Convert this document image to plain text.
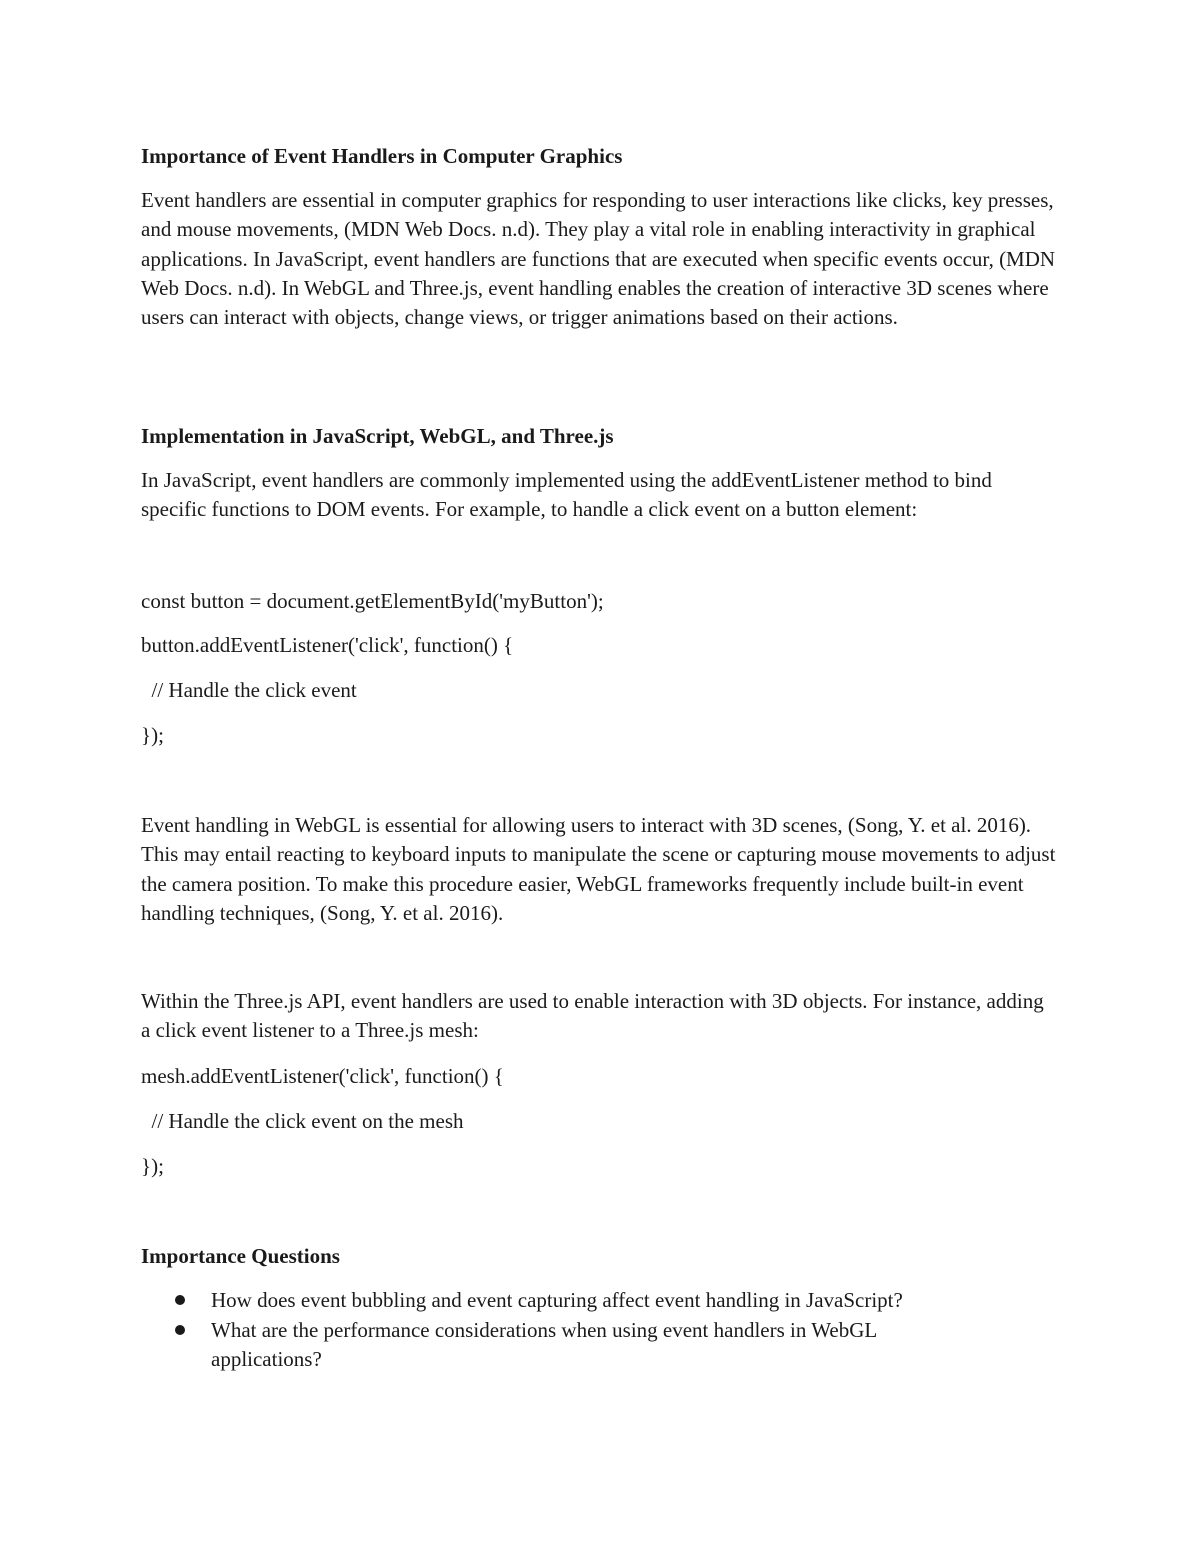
Importance of Event Handlers in Computer Graphics

Event handlers are essential in computer graphics for responding to user interactions like clicks, key presses, and mouse movements, (MDN Web Docs. n.d). They play a vital role in enabling interactivity in graphical applications. In JavaScript, event handlers are functions that are executed when specific events occur, (MDN Web Docs. n.d). In WebGL and Three.js, event handling enables the creation of interactive 3D scenes where users can interact with objects, change views, or trigger animations based on their actions.

Implementation in JavaScript, WebGL, and Three.js

In JavaScript, event handlers are commonly implemented using the addEventListener method to bind specific functions to DOM events. For example, to handle a click event on a button element:

const button = document.getElementById('myButton');
button.addEventListener('click', function() {
// Handle the click event
});

Event handling in WebGL is essential for allowing users to interact with 3D scenes, (Song, Y. et al. 2016). This may entail reacting to keyboard inputs to manipulate the scene or capturing mouse movements to adjust the camera position. To make this procedure easier, WebGL frameworks frequently include built-in event handling techniques, (Song, Y. et al. 2016).

Within the Three.js API, event handlers are used to enable interaction with 3D objects. For instance, adding a click event listener to a Three.js mesh:

mesh.addEventListener('click', function() {
// Handle the click event on the mesh
});
Importance Questions
How does event bubbling and event capturing affect event handling in JavaScript?
What are the performance considerations when using event handlers in WebGL applications?
